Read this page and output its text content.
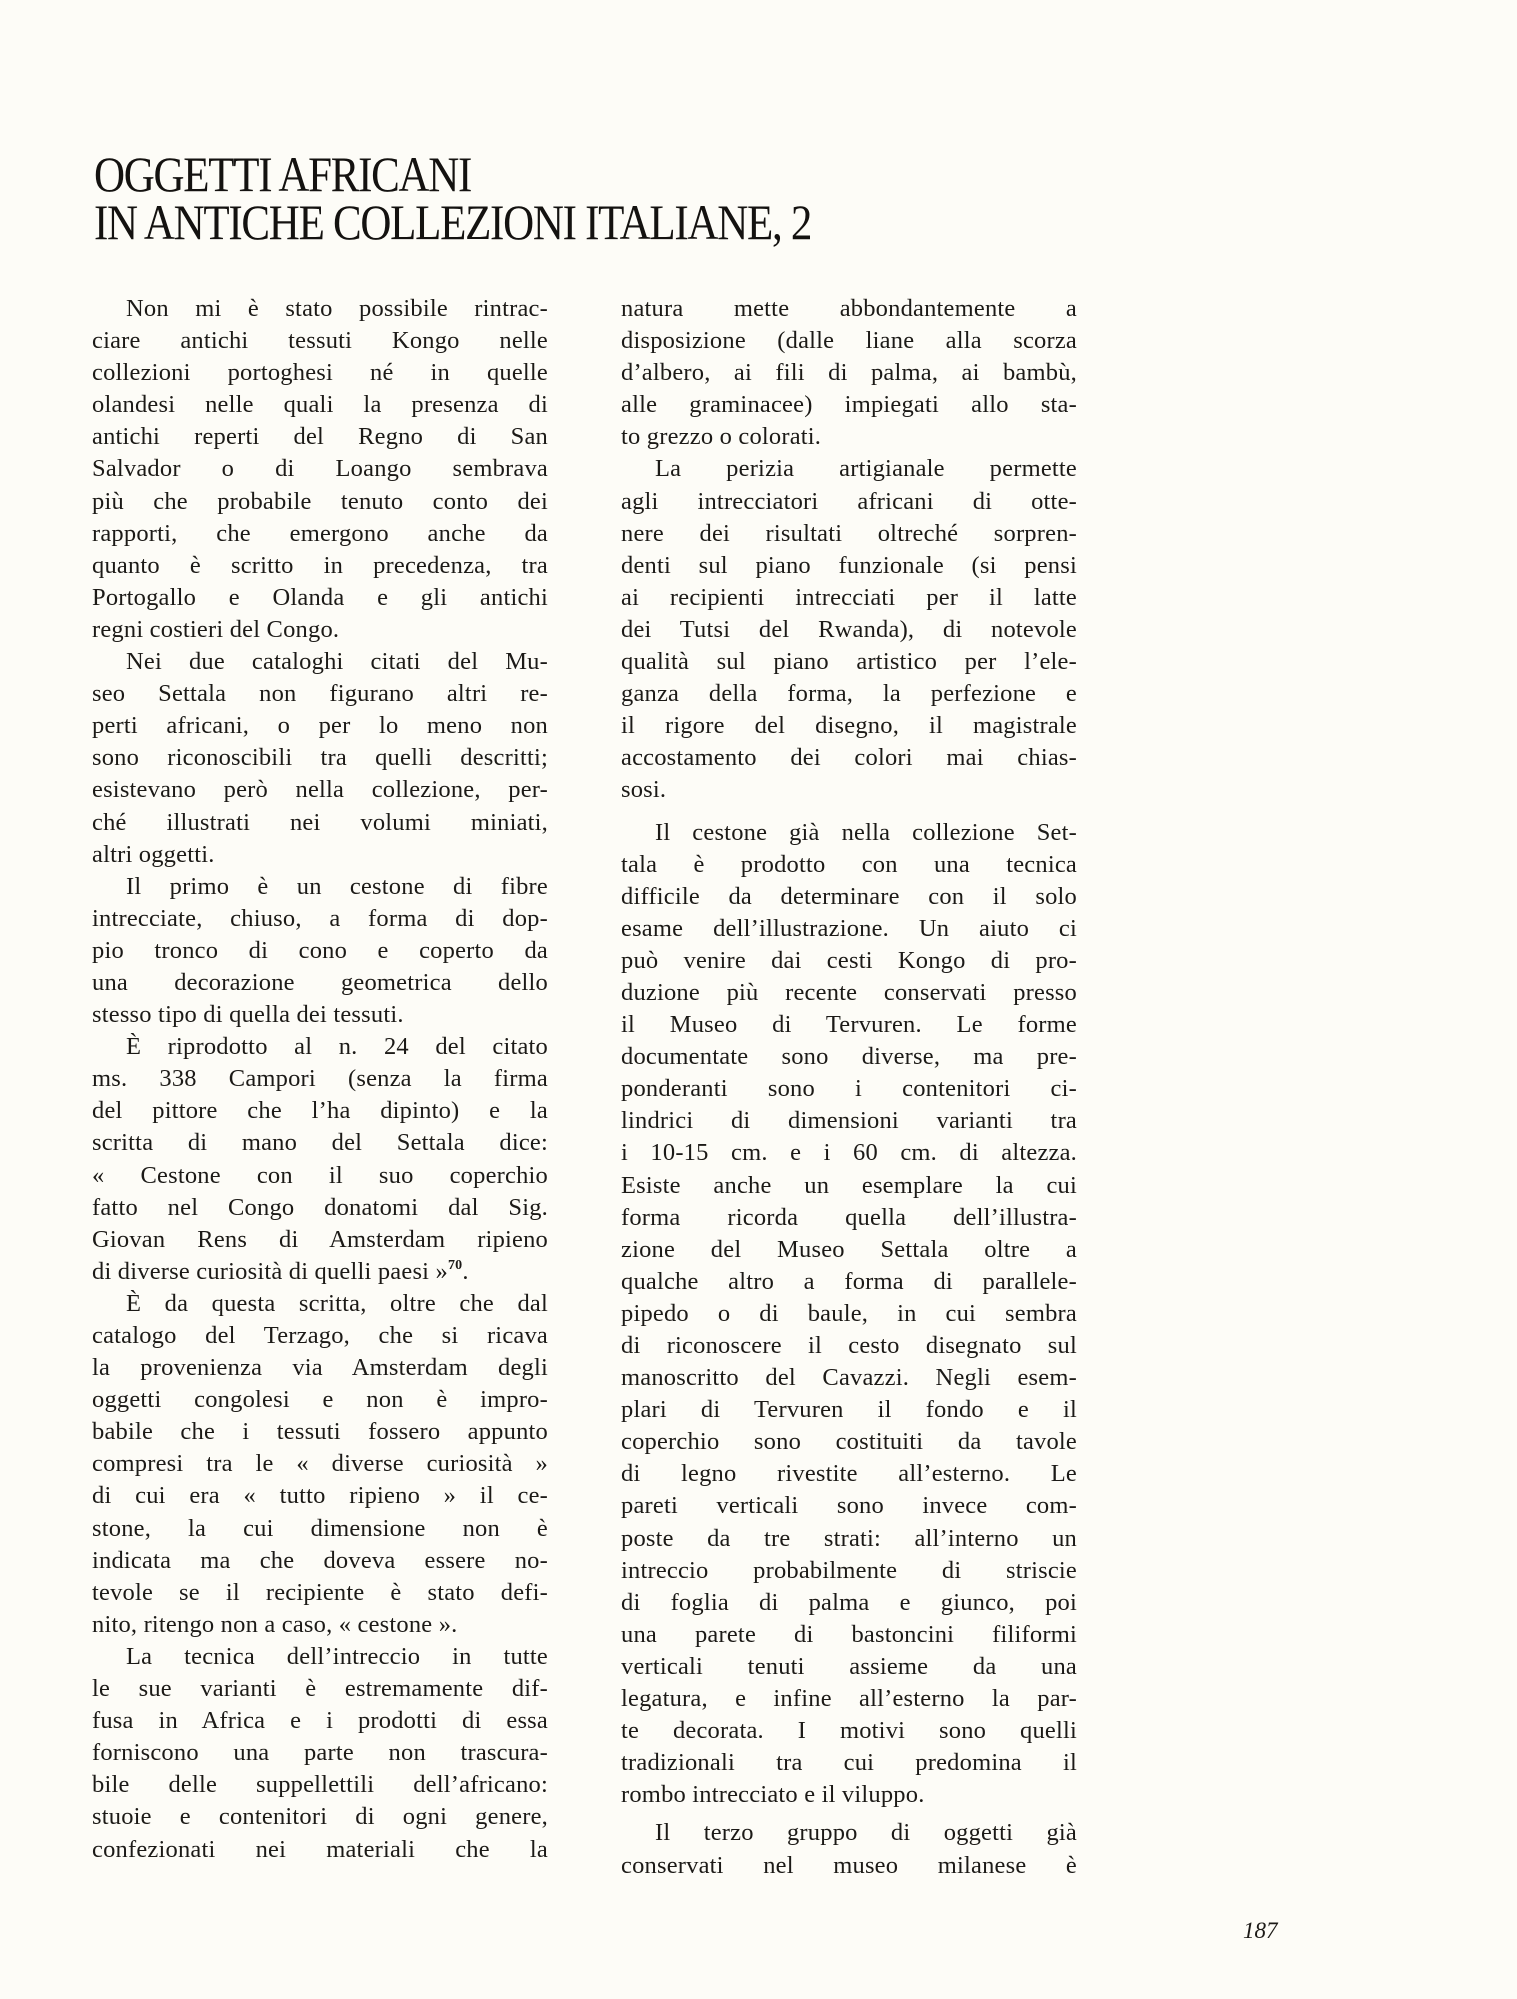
OGGETTI AFRICANI
IN ANTICHE COLLEZIONI ITALIANE, 2
Non mi è stato possibile rintrac-
ciare antichi tessuti Kongo nelle
collezioni portoghesi né in quelle
olandesi nelle quali la presenza di
antichi reperti del Regno di San
Salvador o di Loango sembrava
più che probabile tenuto conto dei
rapporti, che emergono anche da
quanto è scritto in precedenza, tra
Portogallo e Olanda e gli antichi
regni costieri del Congo.
Nei due cataloghi citati del Mu-
seo Settala non figurano altri re-
perti africani, o per lo meno non
sono riconoscibili tra quelli descritti;
esistevano però nella collezione, per-
ché illustrati nei volumi miniati,
altri oggetti.
Il primo è un cestone di fibre
intrecciate, chiuso, a forma di dop-
pio tronco di cono e coperto da
una decorazione geometrica dello
stesso tipo di quella dei tessuti.
È riprodotto al n. 24 del citato
ms. 338 Campori (senza la firma
del pittore che l’ha dipinto) e la
scritta di mano del Settala dice:
« Cestone con il suo coperchio
fatto nel Congo donatomi dal Sig.
Giovan Rens di Amsterdam ripieno
di diverse curiosità di quelli paesi »$^{70}$.
È da questa scritta, oltre che dal
catalogo del Terzago, che si ricava
la provenienza via Amsterdam degli
oggetti congolesi e non è impro-
babile che i tessuti fossero appunto
compresi tra le « diverse curiosità »
di cui era « tutto ripieno » il ce-
stone, la cui dimensione non è
indicata ma che doveva essere no-
tevole se il recipiente è stato defi-
nito, ritengo non a caso, « cestone ».
La tecnica dell’intreccio in tutte
le sue varianti è estremamente dif-
fusa in Africa e i prodotti di essa
forniscono una parte non trascura-
bile delle suppellettili dell’africano:
stuoie e contenitori di ogni genere,
confezionati nei materiali che la
natura mette abbondantemente a
disposizione (dalle liane alla scorza
d’albero, ai fili di palma, ai bambù,
alle graminacee) impiegati allo sta-
to grezzo o colorati.
La perizia artigianale permette
agli intrecciatori africani di otte-
nere dei risultati oltreché sorpren-
denti sul piano funzionale (si pensi
ai recipienti intrecciati per il latte
dei Tutsi del Rwanda), di notevole
qualità sul piano artistico per l’ele-
ganza della forma, la perfezione e
il rigore del disegno, il magistrale
accostamento dei colori mai chias-
sosi.
Il cestone già nella collezione Set-
tala è prodotto con una tecnica
difficile da determinare con il solo
esame dell’illustrazione. Un aiuto ci
può venire dai cesti Kongo di pro-
duzione più recente conservati presso
il Museo di Tervuren. Le forme
documentate sono diverse, ma pre-
ponderanti sono i contenitori ci-
lindrici di dimensioni varianti tra
i 10-15 cm. e i 60 cm. di altezza.
Esiste anche un esemplare la cui
forma ricorda quella dell’illustra-
zione del Museo Settala oltre a
qualche altro a forma di parallele-
pipedo o di baule, in cui sembra
di riconoscere il cesto disegnato sul
manoscritto del Cavazzi. Negli esem-
plari di Tervuren il fondo e il
coperchio sono costituiti da tavole
di legno rivestite all’esterno. Le
pareti verticali sono invece com-
poste da tre strati: all’interno un
intreccio probabilmente di striscie
di foglia di palma e giunco, poi
una parete di bastoncini filiformi
verticali tenuti assieme da una
legatura, e infine all’esterno la par-
te decorata. I motivi sono quelli
tradizionali tra cui predomina il
rombo intrecciato e il viluppo.
Il terzo gruppo di oggetti già
conservati nel museo milanese è
187
